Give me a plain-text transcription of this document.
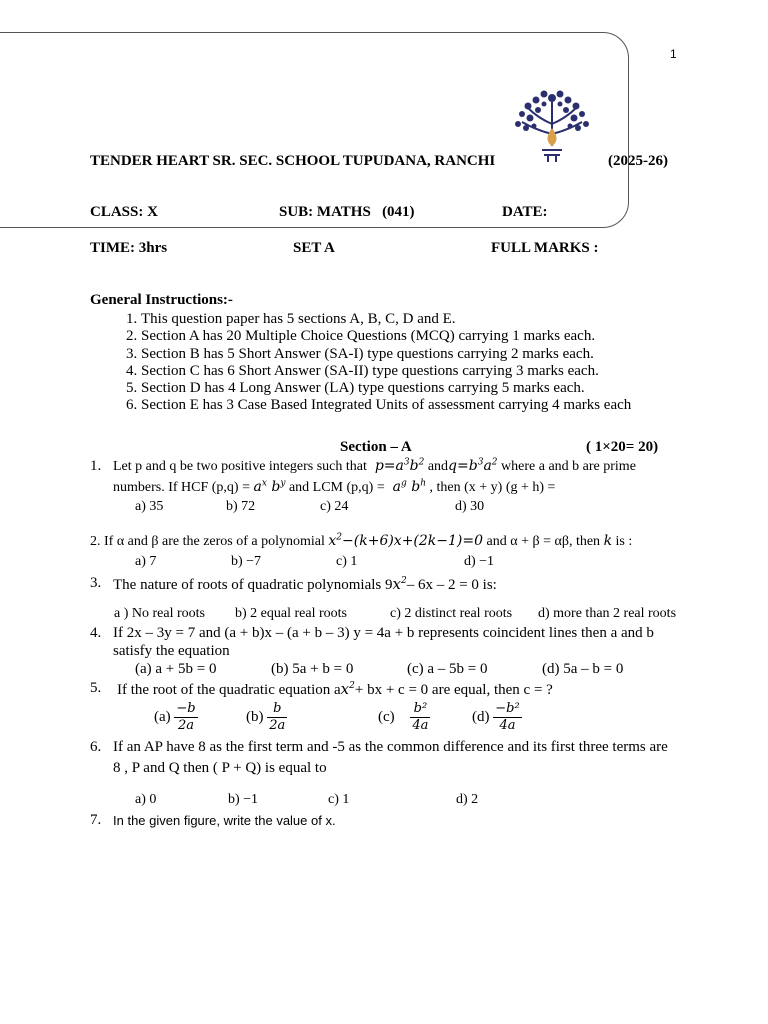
1
TENDER HEART SR. SEC. SCHOOL TUPUDANA, RANCHI	(2025-26)
CLASS: X	SUB: MATHS   (041)	DATE:
TIME: 3hrs	SET A	FULL MARKS :
General Instructions:-
1. This question paper has 5 sections A, B, C, D and E.
2. Section A has 20 Multiple Choice Questions (MCQ) carrying 1 marks each.
3. Section B has 5 Short Answer (SA-I) type questions carrying 2 marks each.
4. Section C has 6 Short Answer (SA-II) type questions carrying 3 marks each.
5. Section D has 4 Long Answer (LA) type questions carrying 5 marks each.
6. Section E has 3 Case Based Integrated Units of assessment carrying 4 marks each
Section – A	( 1×20= 20)
1. Let p and q be two positive integers such that  $p=a^3b^2$ $andq=b^3a^2$ where a and b are prime
numbers. If HCF $(p,q) = a^x$ $b^y$ and LCM $(p,q) = a^g$ $b^h$ , then (x + y) (g + h) =
a) 35	b) 72	c) 24	d) 30
2. If α and β are the zeros of a polynomial $x^2-(k+6)x+(2k-1)=0$ and α + β = αβ, then k is :
a) 7	b) −7	c) 1	d) −1
3. The nature of roots of quadratic polynomials $9x^2-$ 6x – 2 = 0 is:
a ) No real roots b) 2 equal real roots	c) 2 distinct real roots d) more than 2 real roots
4. If 2x – 3y = 7 and (a + b)x – (a + b – 3) y = 4a + b represents coincident lines then a and b
satisfy the equation
(a) a + 5b = 0	(b) 5a + b = 0	(c) a – 5b = 0	(d) 5a – b = 0
5. If the root of the quadratic equation $ax^2+$ bx + c = 0 are equal, then c = ?
$(a) \frac{-b}{2a}$	$(b) \frac{b}{2a}$	$(c) \frac{\text{b²}}{4a}$	$(d) \frac{\text{−b²}}{4a}$
6. If an AP have 8 as the first term and -5 as the common difference and its first three terms are
8 , P and Q then ( P + Q) is equal to
a) 0	b) −1	c) 1	d) 2
7. In the given figure, write the value of x.
